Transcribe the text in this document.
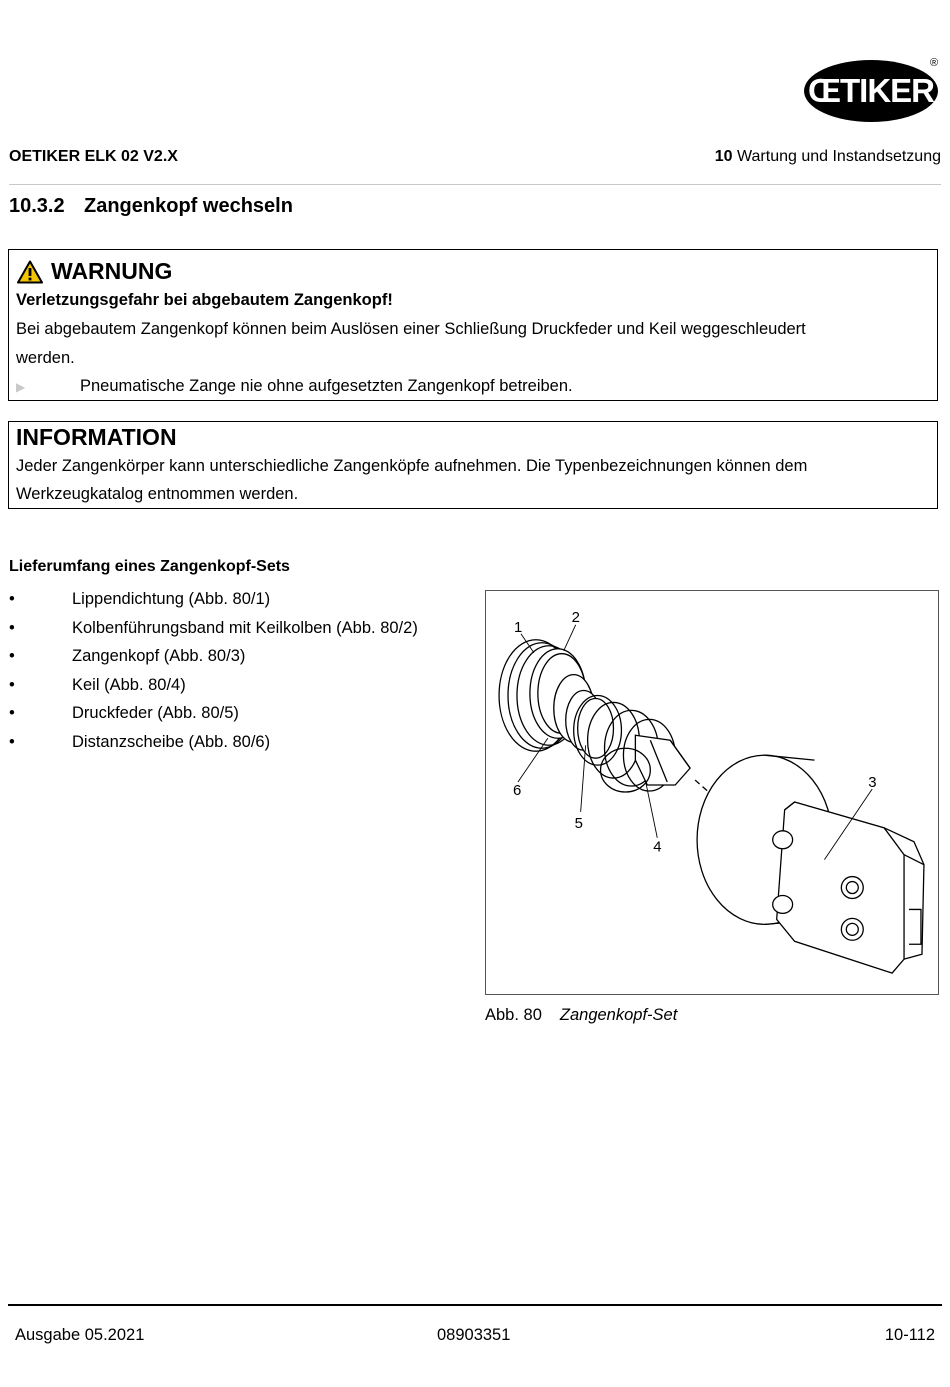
ŒTIKER
®
OETIKER ELK 02 V2.X	10 Wartung und Instandsetzung
10.3.2 Zangenkopf wechseln
WARNUNG
Verletzungsgefahr bei abgebautem Zangenkopf!
Bei abgebautem Zangenkopf können beim Auslösen einer Schließung Druckfeder und Keil weggeschleudert
werden.
▶	Pneumatische Zange nie ohne aufgesetzten Zangenkopf betreiben.
INFORMATION
Jeder Zangenkörper kann unterschiedliche Zangenköpfe aufnehmen. Die Typenbezeichnungen können dem
Werkzeugkatalog entnommen werden.
Lieferumfang eines Zangenkopf-Sets
•	Lippendichtung (Abb. 80/1)
•	Kolbenführungsband mit Keilkolben (Abb. 80/2)
•	Zangenkopf (Abb. 80/3)
•	Keil (Abb. 80/4)
•	Druckfeder (Abb. 80/5)
•	Distanzscheibe (Abb. 80/6)
1
2
3
4
5
6
Abb. 80 Zangenkopf-Set
Ausgabe 05.2021	08903351	10-112
